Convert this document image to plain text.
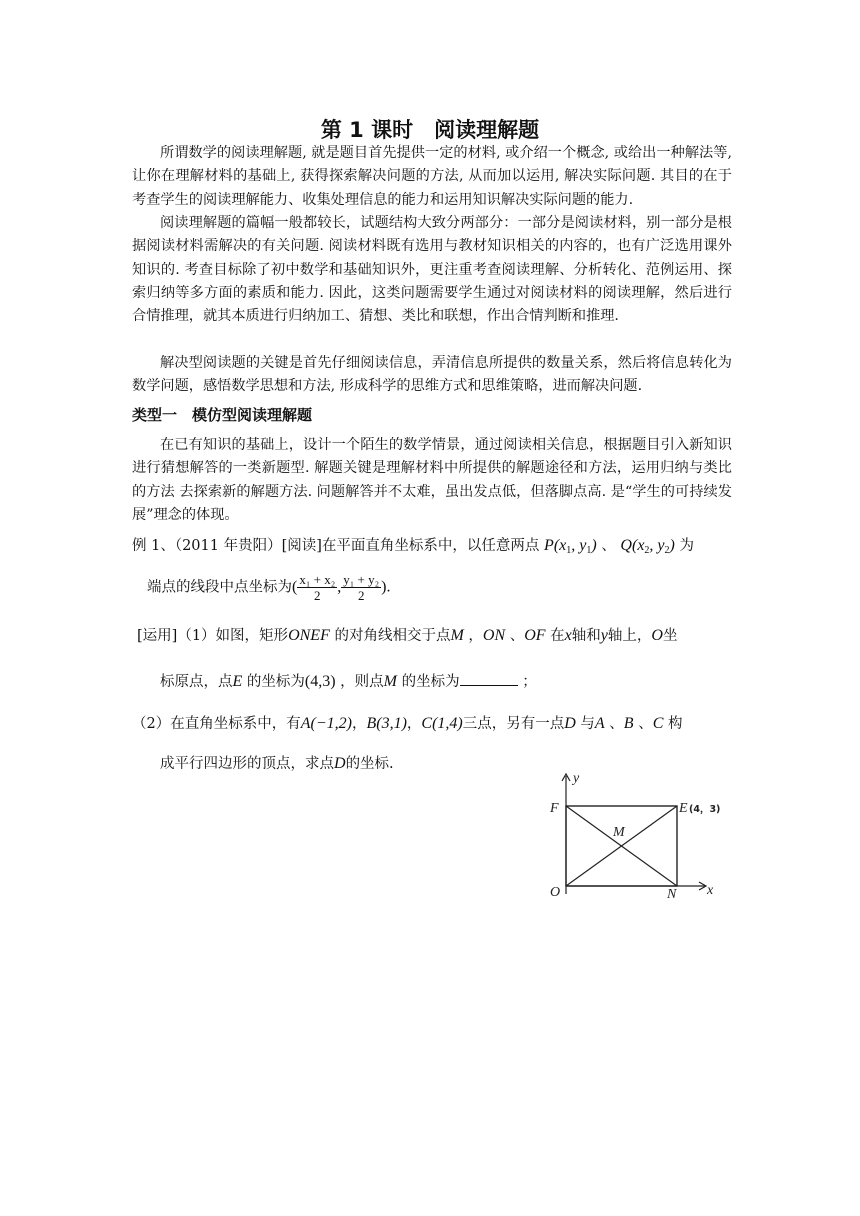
第 1 课时　阅读理解题

所谓数学的阅读理解题, 就是题目首先提供一定的材料, 或介绍一个概念, 或给出一种解法等, 让你在理解材料的基础上, 获得探索解决问题的方法, 从而加以运用, 解决实际问题. 其目的在于考查学生的阅读理解能力、收集处理信息的能力和运用知识解决实际问题的能力.

阅读理解题的篇幅一般都较长，试题结构大致分两部分：一部分是阅读材料，别一部分是根据阅读材料需解决的有关问题. 阅读材料既有选用与教材知识相关的内容的，也有广泛选用课外知识的. 考查目标除了初中数学和基础知识外，更注重考查阅读理解、分析转化、范例运用、探索归纳等多方面的素质和能力. 因此，这类问题需要学生通过对阅读材料的阅读理解，然后进行合情推理，就其本质进行归纳加工、猜想、类比和联想，作出合情判断和推理.

解决型阅读题的关键是首先仔细阅读信息，弄清信息所提供的数量关系，然后将信息转化为数学问题，感悟数学思想和方法, 形成科学的思维方式和思维策略，进而解决问题.

类型一　模仿型阅读理解题

在已有知识的基础上，设计一个陌生的数学情景，通过阅读相关信息，根据题目引入新知识进行猜想解答的一类新题型. 解题关键是理解材料中所提供的解题途径和方法，运用归纳与类比的方法 去探索新的解题方法. 问题解答并不太难，虽出发点低，但落脚点高. 是“学生的可持续发展”理念的体现。

例 1、（2011 年贵阳）[阅读]在平面直角坐标系中，以任意两点 $P(x_1$, $y_1$) 、 $Q(x_2$, $y_2$) 为
端点的线段中点坐标为( $\frac{\text{x₁ + x₂}}{2}$ , $\frac{\text{y₁ + y₂}}{2}$ ).
[运用]（1）如图，矩形ONEF 的对角线相交于点M ，ON 、OF 在x轴和y轴上，O坐
标原点，点E 的坐标为(4,3) ，则点M 的坐标为	；
（2）在直角坐标系中，有A(−1,2)，B(3,1)，C(1,4)三点，另有一点D 与A 、B 、C 构
成平行四边形的顶点，求点D的坐标.
y
x
F	E
M
O	N
(4，3)
